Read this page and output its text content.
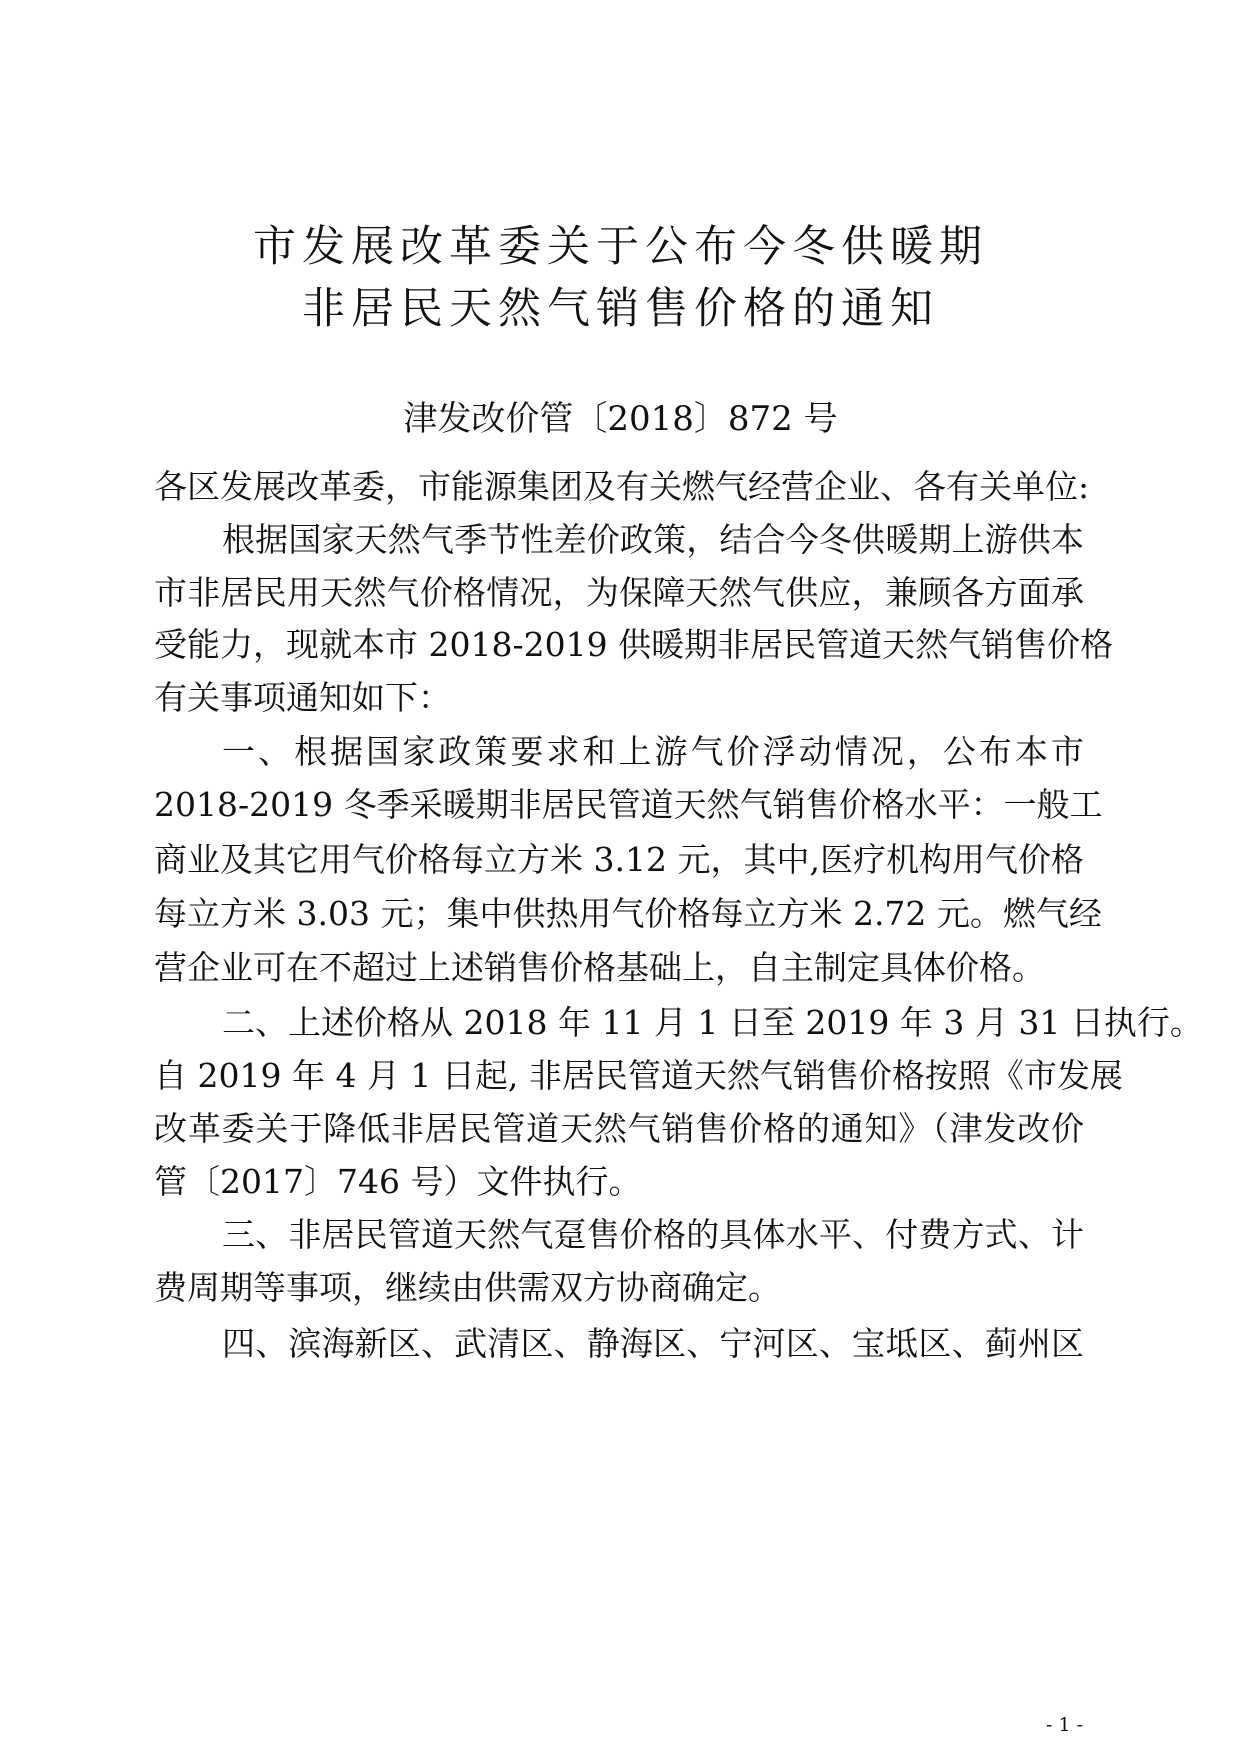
市发展改革委关于公布今冬供暖期
非居民天然气销售价格的通知
津发改价管〔2018〕872 号
各区发展改革委，市能源集团及有关燃气经营企业、各有关单位:
根据国家天然气季节性差价政策，结合今冬供暖期上游供本
市非居民用天然气价格情况，为保障天然气供应，兼顾各方面承
受能力，现就本市 2018-2019 供暖期非居民管道天然气销售价格
有关事项通知如下：
一、根据国家政策要求和上游气价浮动情况，公布本市
2018-2019 冬季采暖期非居民管道天然气销售价格水平：一般工
商业及其它用气价格每立方米 3.12 元，其中,医疗机构用气价格
每立方米 3.03 元；集中供热用气价格每立方米 2.72 元。燃气经
营企业可在不超过上述销售价格基础上，自主制定具体价格。
二、上述价格从 2018 年 11 月 1 日至 2019 年 3 月 31 日执行。
自 2019 年 4 月 1 日起, 非居民管道天然气销售价格按照《市发展
改革委关于降低非居民管道天然气销售价格的通知》（津发改价
管〔2017〕746 号）文件执行。
三、非居民管道天然气趸售价格的具体水平、付费方式、计
费周期等事项，继续由供需双方协商确定。
四、滨海新区、武清区、静海区、宁河区、宝坻区、蓟州区
- 1 -
